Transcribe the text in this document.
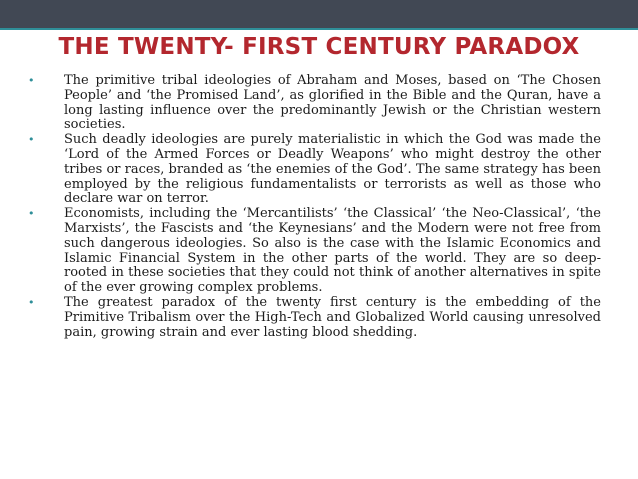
THE TWENTY- FIRST CENTURY PARADOX
• The primitive tribal ideologies of Abraham and Moses, based on ‘The Chosen People’ and ‘the Promised Land’, as glorified in the Bible and the Quran, have a long lasting influence over the predominantly Jewish or the Christian western societies.
• Such deadly ideologies are purely materialistic in which the God was made the ‘Lord of the Armed Forces or Deadly Weapons’ who might destroy the other tribes or races, branded as ‘the enemies of the God’. The same strategy has been employed by the religious fundamentalists or terrorists as well as those who declare war on terror.
• Economists, including the ‘Mercantilists’ ‘the Classical’ ‘the Neo-Classical’, ‘the Marxists’, the Fascists and ‘the Keynesians’ and the Modern were not free from such dangerous ideologies. So also is the case with the Islamic Economics and Islamic Financial System in the other parts of the world. They are so deep-rooted in these societies that they could not think of another alternatives in spite of the ever growing complex problems.
• The greatest paradox of the twenty first century is the embedding of the Primitive Tribalism over the High-Tech and Globalized World causing unresolved pain, growing strain and ever lasting blood shedding.
